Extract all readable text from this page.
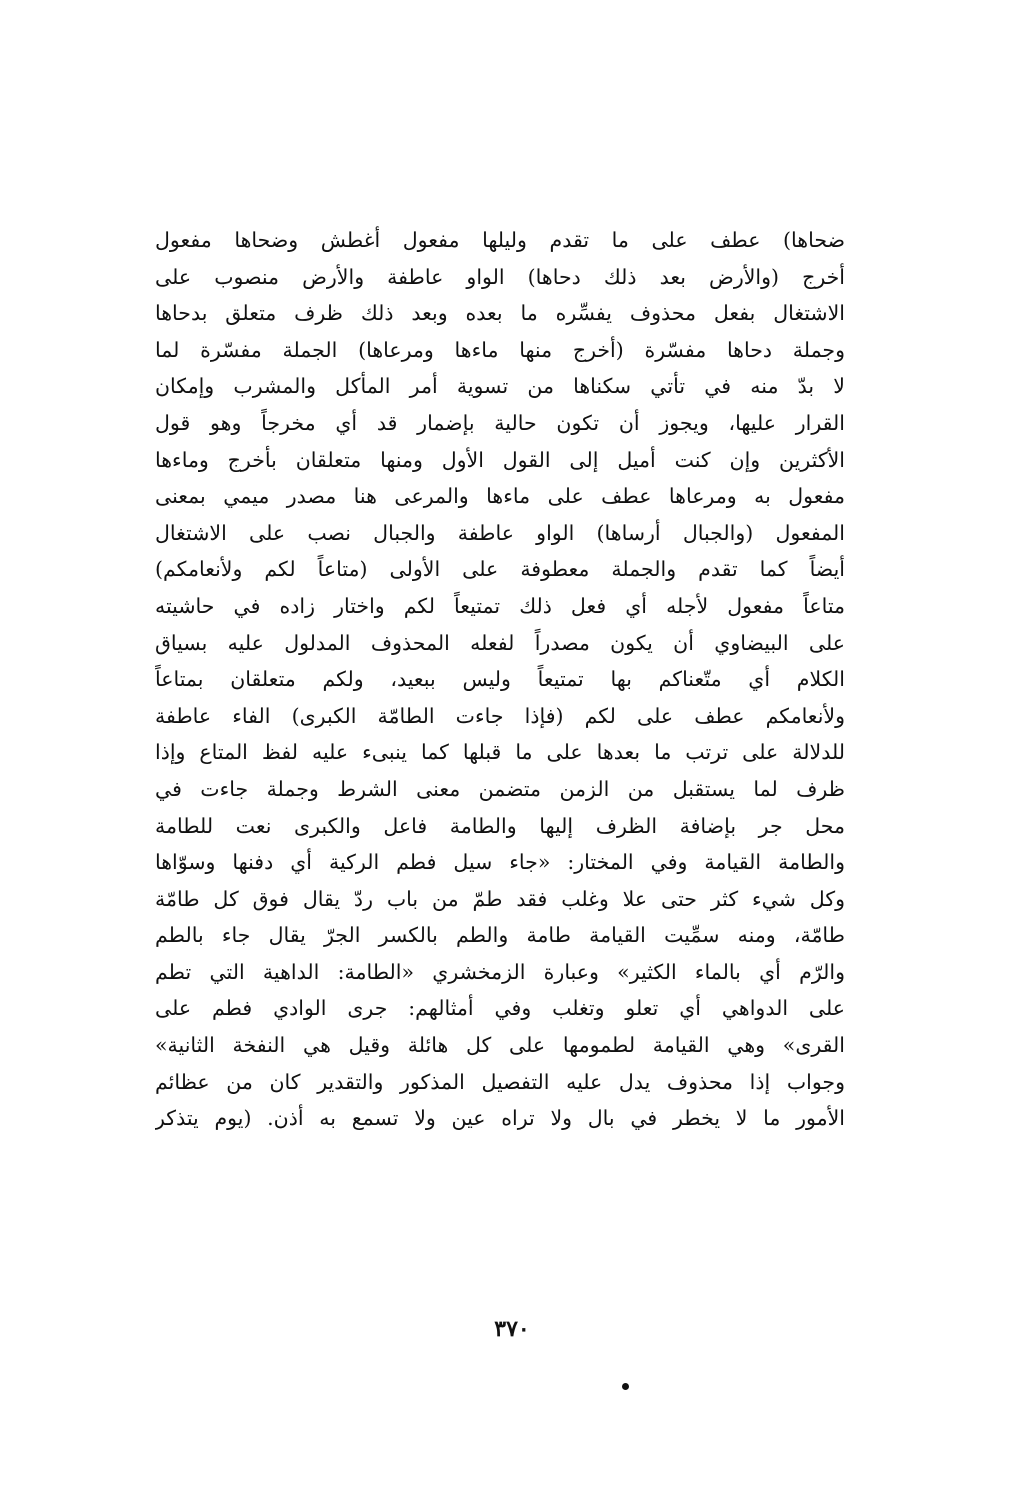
ضحاها) عطف على ما تقدم وليلها مفعول أغطش وضحاها مفعول
أخرج (والأرض بعد ذلك دحاها) الواو عاطفة والأرض منصوب على
الاشتغال بفعل محذوف يفسِّره ما بعده وبعد ذلك ظرف متعلق بدحاها
وجملة دحاها مفسّرة (أخرج منها ماءها ومرعاها) الجملة مفسّرة لما
لا بدّ منه في تأتي سكناها من تسوية أمر المأكل والمشرب وإمكان
القرار عليها، ويجوز أن تكون حالية بإضمار قد أي مخرجاً وهو قول
الأكثرين وإن كنت أميل إلى القول الأول ومنها متعلقان بأخرج وماءها
مفعول به ومرعاها عطف على ماءها والمرعى هنا مصدر ميمي بمعنى
المفعول (والجبال أرساها) الواو عاطفة والجبال نصب على الاشتغال
أيضاً كما تقدم والجملة معطوفة على الأولى (متاعاً لكم ولأنعامكم)
متاعاً مفعول لأجله أي فعل ذلك تمتيعاً لكم واختار زاده في حاشيته
على البيضاوي أن يكون مصدراً لفعله المحذوف المدلول عليه بسياق
الكلام أي متّعناكم بها تمتيعاً وليس ببعيد، ولكم متعلقان بمتاعاً
ولأنعامكم عطف على لكم (فإذا جاءت الطامّة الكبرى) الفاء عاطفة
للدلالة على ترتب ما بعدها على ما قبلها كما ينبىء عليه لفظ المتاع وإذا
ظرف لما يستقبل من الزمن متضمن معنى الشرط وجملة جاءت في
محل جر بإضافة الظرف إليها والطامة فاعل والكبرى نعت للطامة
والطامة القيامة وفي المختار: «جاء سيل فطم الركية أي دفنها وسوّاها
وكل شيء كثر حتى علا وغلب فقد طمّ من باب ردّ يقال فوق كل طامّة
طامّة، ومنه سمِّيت القيامة طامة والطم بالكسر الجرّ يقال جاء بالطم
والرّم أي بالماء الكثير» وعبارة الزمخشري «الطامة: الداهية التي تطم
على الدواهي أي تعلو وتغلب وفي أمثالهم: جرى الوادي فطم على
القرى» وهي القيامة لطمومها على كل هائلة وقيل هي النفخة الثانية»
وجواب إذا محذوف يدل عليه التفصيل المذكور والتقدير كان من عظائم
الأمور ما لا يخطر في بال ولا تراه عين ولا تسمع به أذن. (يوم يتذكر
٣٧٠
